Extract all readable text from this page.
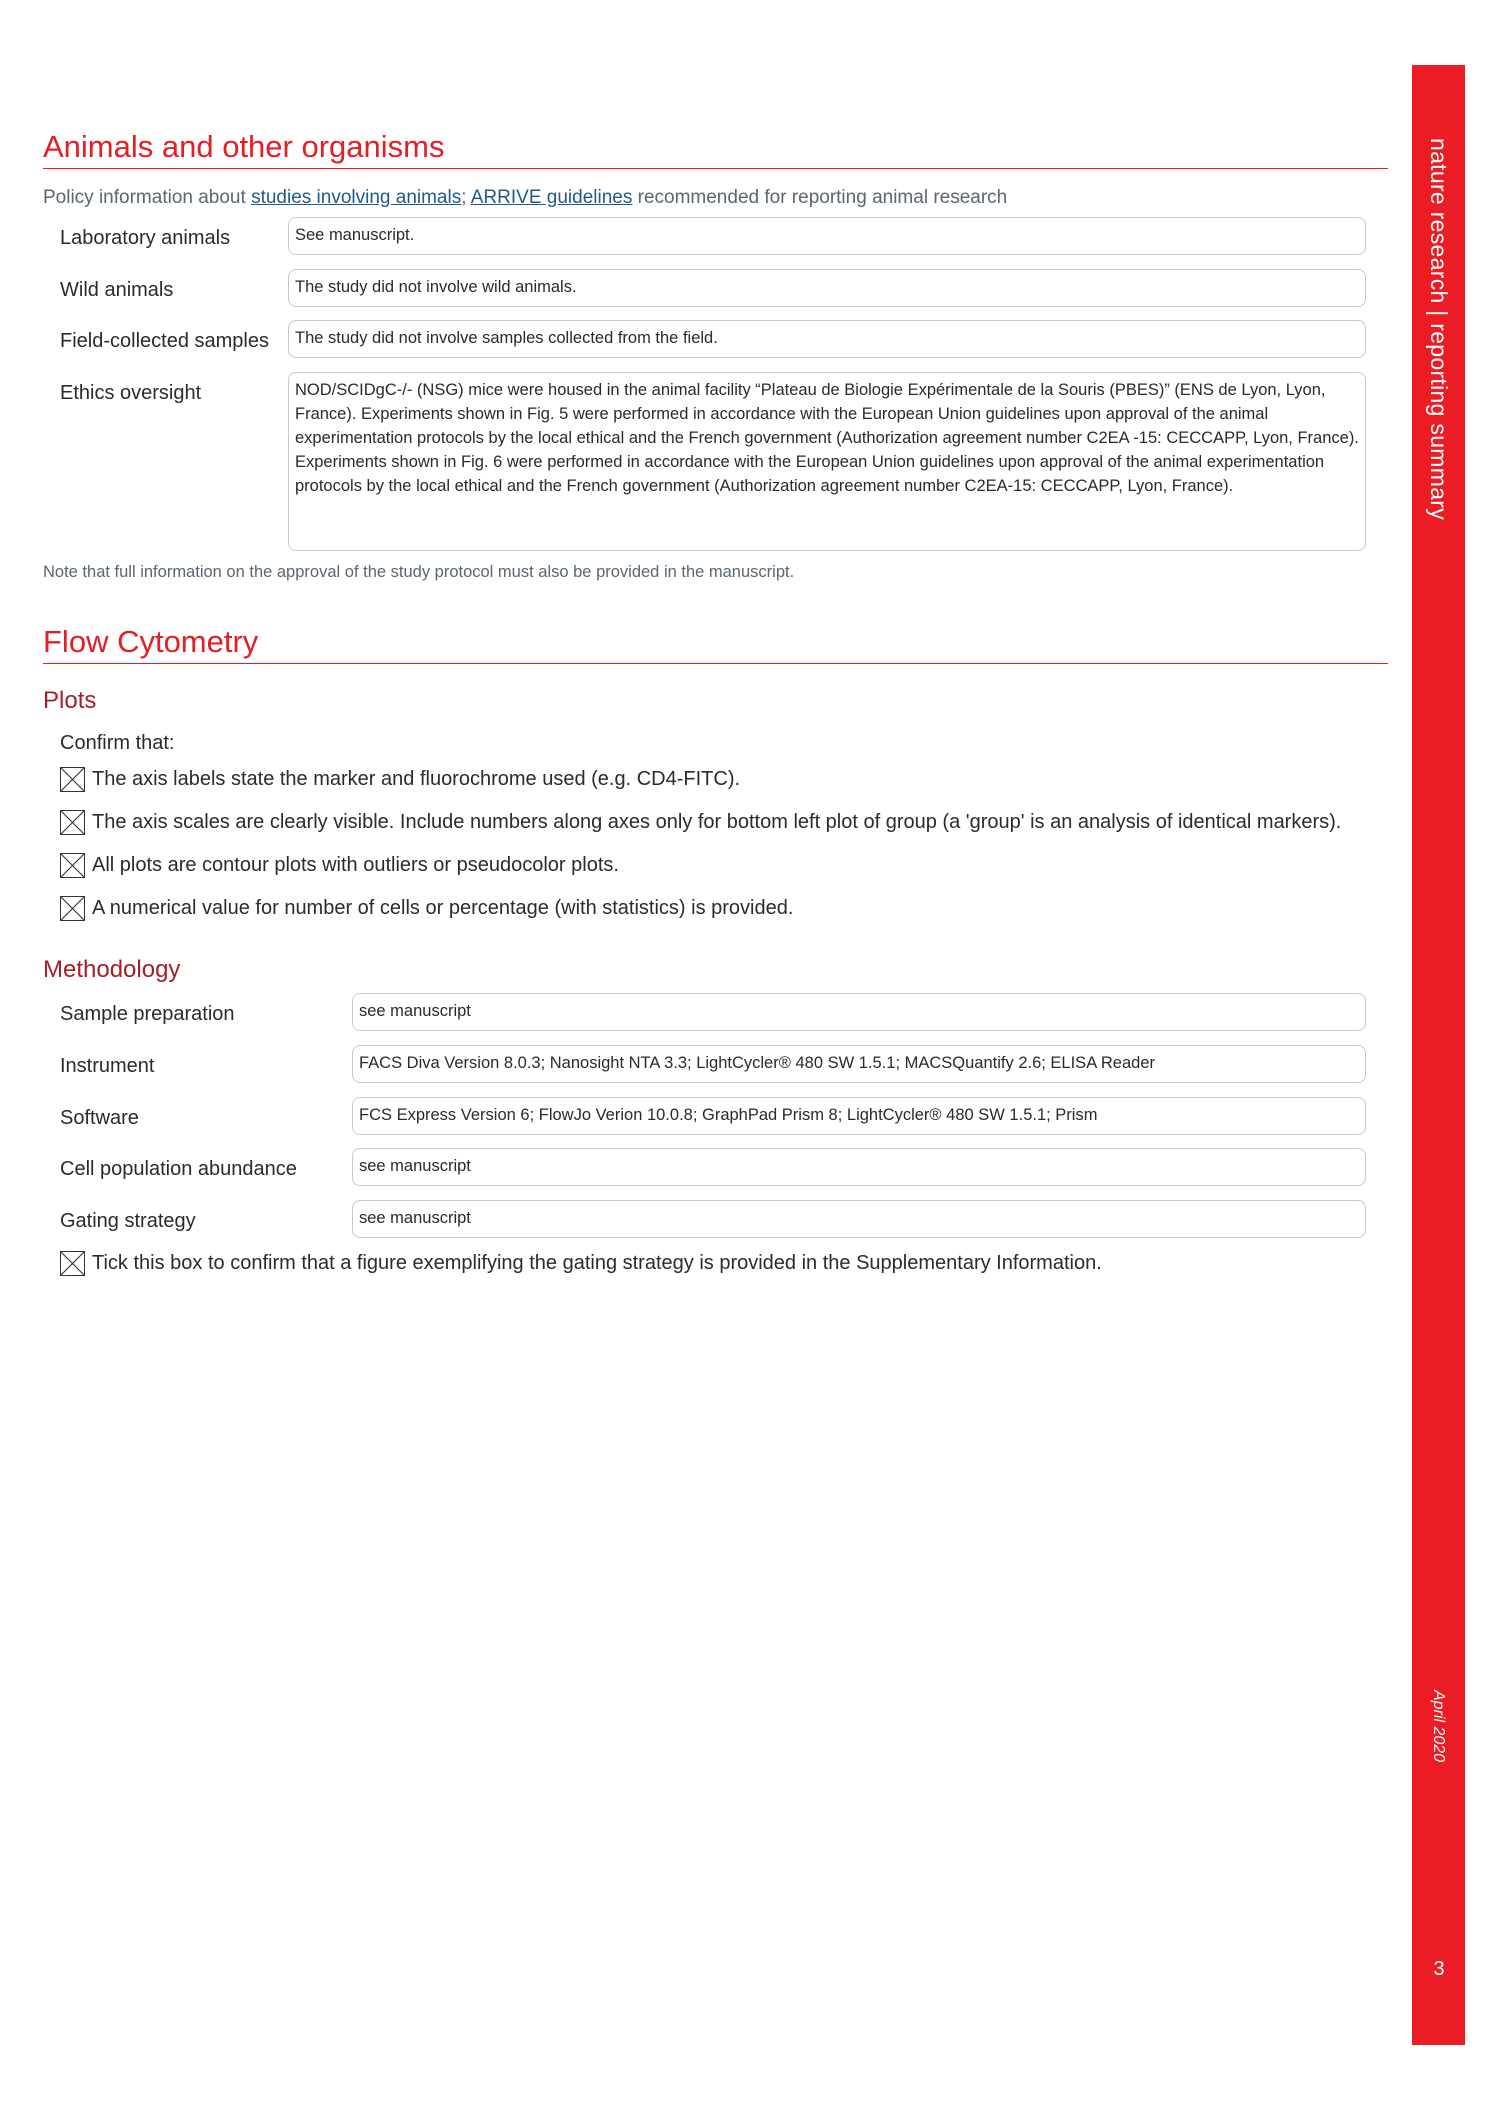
Animals and other organisms
Policy information about studies involving animals; ARRIVE guidelines recommended for reporting animal research
Laboratory animals	See manuscript.
Wild animals	The study did not involve wild animals.
Field-collected samples	The study did not involve samples collected from the field.
Ethics oversight	NOD/SCIDgC-/- (NSG) mice were housed in the animal facility “Plateau de Biologie Expérimentale de la Souris (PBES)” (ENS de Lyon, Lyon, France). Experiments shown in Fig. 5 were performed in accordance with the European Union guidelines upon approval of the animal experimentation protocols by the local ethical and the French government (Authorization agreement number C2EA -15: CECCAPP, Lyon, France).
Experiments shown in Fig. 6 were performed in accordance with the European Union guidelines upon approval of the animal experimentation protocols by the local ethical and the French government (Authorization agreement number C2EA-15: CECCAPP, Lyon, France).
Note that full information on the approval of the study protocol must also be provided in the manuscript.
Flow Cytometry
Plots
Confirm that:
The axis labels state the marker and fluorochrome used (e.g. CD4-FITC).
The axis scales are clearly visible. Include numbers along axes only for bottom left plot of group (a 'group' is an analysis of identical markers).
All plots are contour plots with outliers or pseudocolor plots.
A numerical value for number of cells or percentage (with statistics) is provided.
Methodology
Sample preparation	see manuscript
Instrument	FACS Diva Version 8.0.3; Nanosight NTA 3.3; LightCycler® 480 SW 1.5.1; MACSQuantify 2.6; ELISA Reader
Software	FCS Express Version 6; FlowJo Verion 10.0.8; GraphPad Prism 8; LightCycler® 480 SW 1.5.1; Prism
Cell population abundance	see manuscript
Gating strategy	see manuscript
Tick this box to confirm that a figure exemplifying the gating strategy is provided in the Supplementary Information.
nature research | reporting summary
April 2020
3
